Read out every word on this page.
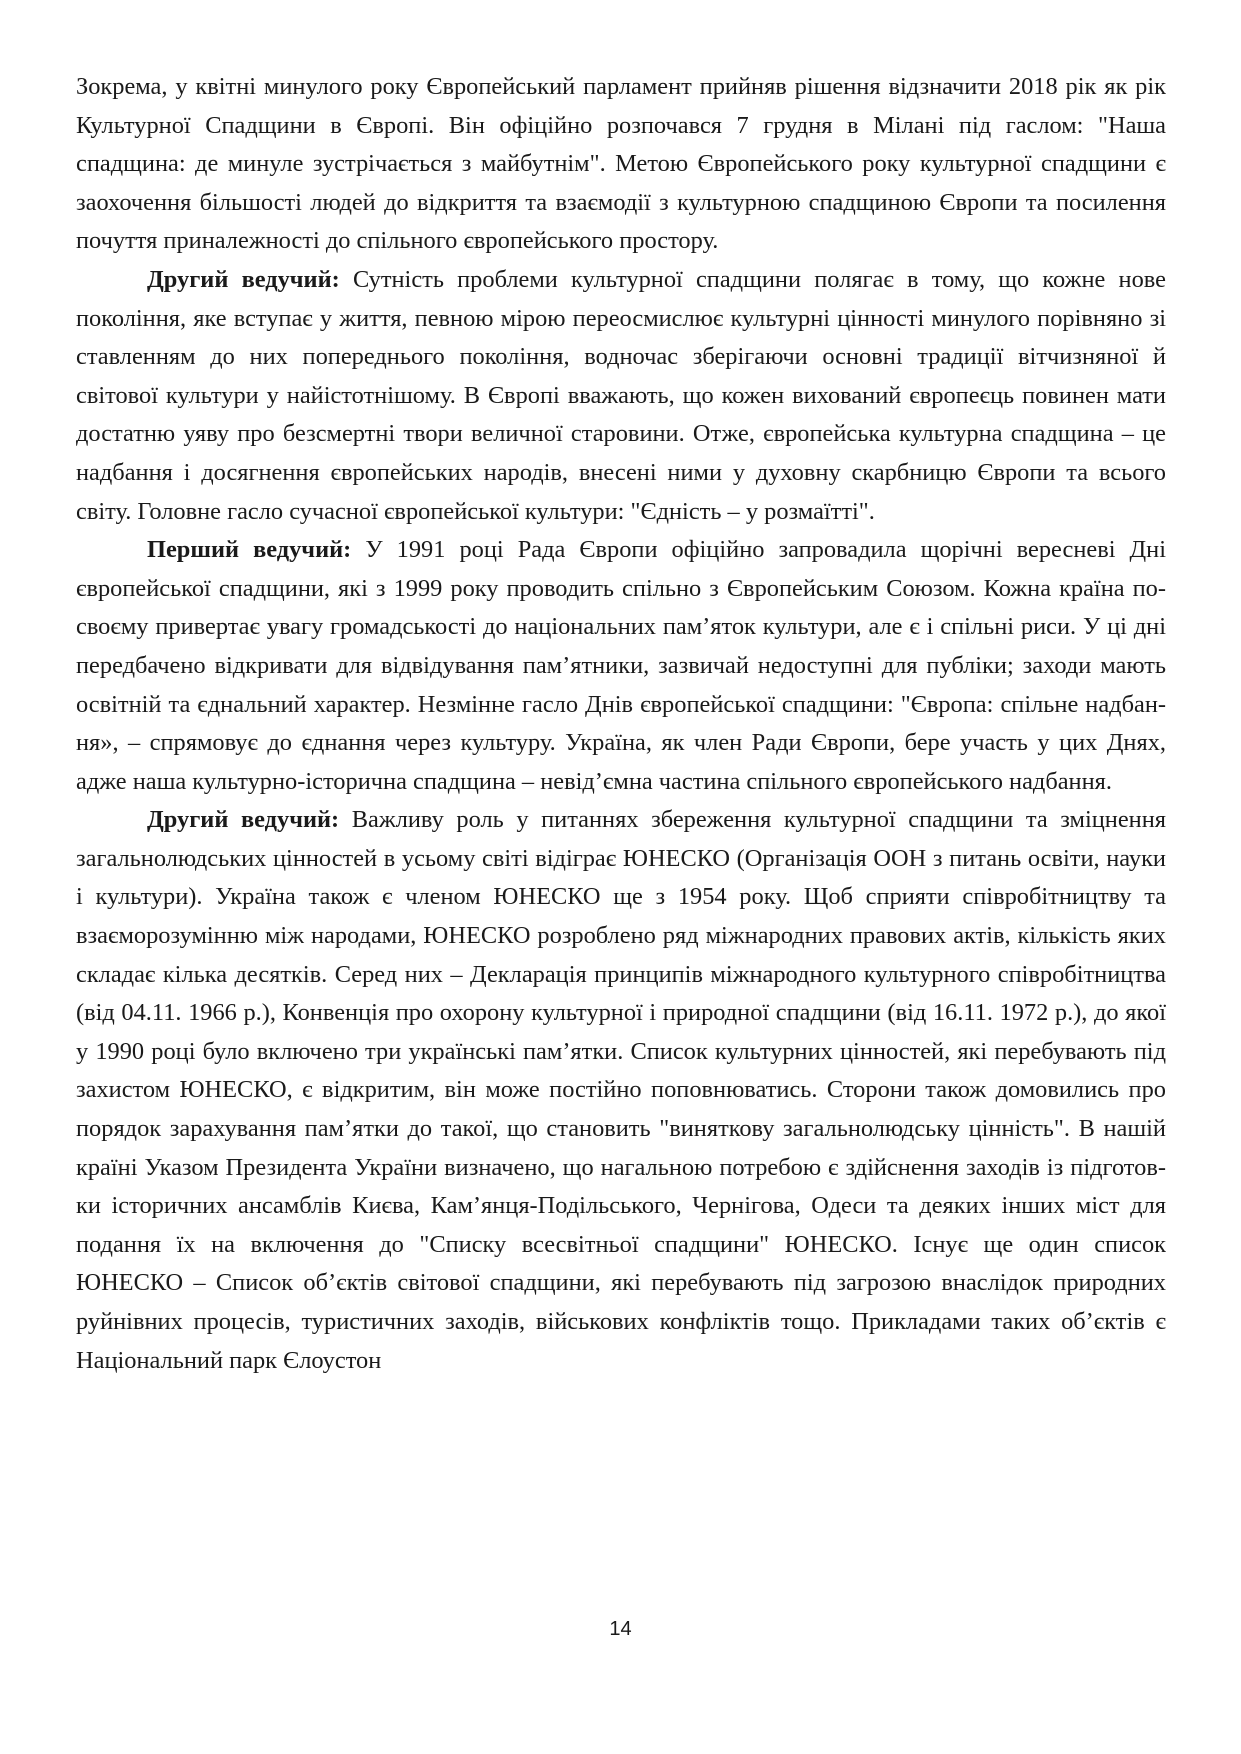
Зокрема, у квітні минулого року Європейський парламент прийняв рішення відзначити 2018 рік як рік Культурної Спадщини в Європі. Він офіційно розпочався 7 грудня в Мілані під гаслом: "Наша спадщина: де минуле зустрічається з майбутнім". Метою Європейського року культурної спадщини є заохочення більшості людей до відкриття та взаємодії з культурною спадщиною Європи та посилення почуття приналежності до спільного європейського простору.

Другий ведучий: Сутність проблеми культурної спадщини полягає в тому, що кожне нове покоління, яке вступає у життя, певною мірою переосмислює культурні цінності минулого порівняно зі ставленням до них попереднього покоління, водночас зберігаючи основні традиції вітчизняної й світової культури у найістотнішому. В Європі вважають, що кожен вихований європеєць повинен мати достатню уяву про безсмертні твори величної старовини. Отже, європейська культурна спадщина – це надбання і досягнення європейських народів, внесені ними у духовну скарбницю Європи та всього світу. Головне гасло сучасної європейської культури: "Єдність – у розмаїтті".

Перший ведучий: У 1991 році Рада Європи офіційно запровадила щорічні вересневі Дні європейської спадщини, які з 1999 року проводить спільно з Європейським Союзом. Кожна країна по-своєму привертає увагу громадськості до національних пам’яток культури, але є і спільні риси. У ці дні передбачено відкривати для відвідування пам’ятники, зазвичай недоступні для публіки; заходи мають освітній та єднальний характер. Незмінне гасло Днів європейської спадщини: "Європа: спільне надбання», – спрямовує до єднання через культуру. Україна, як член Ради Європи, бере участь у цих Днях, адже наша культурно-історична спадщина – невід’ємна частина спільного європейського надбання.

Другий ведучий: Важливу роль у питаннях збереження культурної спадщини та зміцнення загальнолюдських цінностей в усьому світі відіграє ЮНЕСКО (Організація ООН з питань освіти, науки і культури). Україна також є членом ЮНЕСКО ще з 1954 року. Щоб сприяти співробітництву та взаєморозумінню між народами, ЮНЕСКО розроблено ряд міжнародних правових актів, кількість яких складає кілька десятків. Серед них – Декларація принципів міжнародного культурного співробітництва (від 04.11. 1966 р.), Конвенція про охорону культурної і природної спадщини (від 16.11. 1972 р.), до якої у 1990 році було включено три українські пам’ятки. Список культурних цінностей, які перебувають під захистом ЮНЕСКО, є відкритим, він може постійно поповнюватись. Сторони також домовились про порядок зарахування пам’ятки до такої, що становить "виняткову загальнолюдську цінність". В нашій країні Указом Президента України визначено, що нагальною потребою є здійснення заходів із підготовки історичних ансамблів Києва, Кам’янця-Подільського, Чернігова, Одеси та деяких інших міст для подання їх на включення до "Списку всесвітньої спадщини" ЮНЕСКО. Існує ще один список ЮНЕСКО – Список об’єктів світової спадщини, які перебувають під загрозою внаслідок природних руйнівних процесів, туристичних заходів, військових конфліктів тощо. Прикладами таких об’єктів є Національний парк Єлоустон

14
